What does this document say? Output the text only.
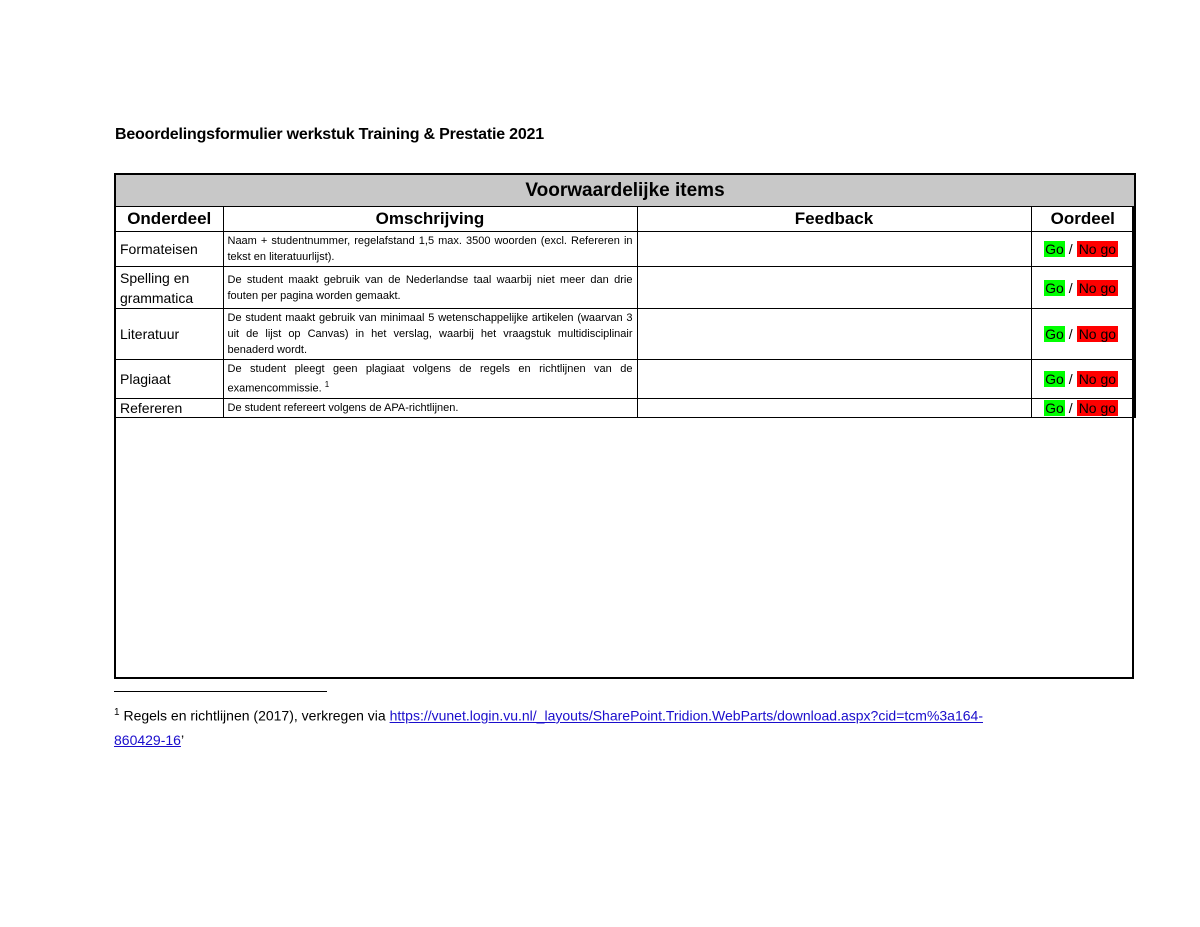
Beoordelingsformulier werkstuk Training & Prestatie 2021
Voorwaardelijke items			
Onderdeel	Omschrijving	Feedback	Oordeel
Formateisen	Naam + studentnummer, regelafstand 1,5 max. 3500 woorden (excl. Refereren in tekst en literatuurlijst).		Go / No go
Spelling en grammatica	De student maakt gebruik van de Nederlandse taal waarbij niet meer dan drie fouten per pagina worden gemaakt.		Go / No go
Literatuur	De student maakt gebruik van minimaal 5 wetenschappelijke artikelen (waarvan 3 uit de lijst op Canvas) in het verslag, waarbij het vraagstuk multidisciplinair benaderd wordt.		Go / No go
Plagiaat	De student pleegt geen plagiaat volgens de regels en richtlijnen van de examencommissie. $^1$		Go / No go
Refereren	De student refereert volgens de APA-richtlijnen.		Go / No go
$^1$ Regels en richtlijnen (2017), verkregen via https://vunet.login.vu.nl/_layouts/SharePoint.Tridion.WebParts/download.aspx?cid=tcm%3a164-
860429-16’
